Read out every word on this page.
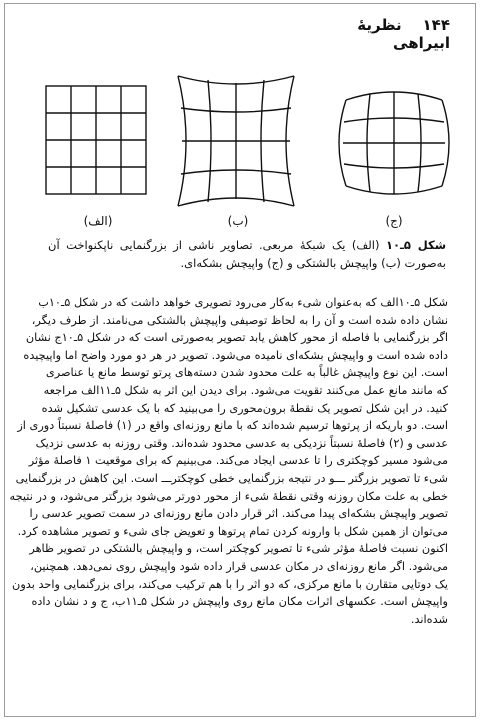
۱۴۴    نظریهٔ ابیراهی
(الف)	(ب)	(ج)
شکل ۵ـ۱۰ (الف) یک شبکهٔ مربعی. تصاویر ناشی از بزرگنمایی ناپکنواخت آن به‌صورت (ب) واپیچش بالشتکی و (ج) واپیچش بشکه‌ای.
شکل ۵ـ۱۰الف که به‌عنوان شیء به‌کار می‌رود تصویری خواهد داشت که در شکل ۵ـ۱۰ب
نشان داده شده است و آن را به لحاظ توصیفی واپیچش بالشتکی می‌نامند. از طرف دیگر،
اگر بزرگنمایی با فاصله از محور کاهش یابد تصویر به‌صورتی است که در شکل ۵ـ۱۰ج نشان
داده شده است و واپیچش بشکه‌ای نامیده می‌شود. تصویر در هر دو مورد واضح اما واپیچیده
است. این نوع واپیچش غالباً به علت محدود شدن دسته‌های پرتو توسط مانع یا عناصری
که مانند مانع عمل می‌کنند تقویت می‌شود. برای دیدن این اثر به شکل ۵ـ۱۱الف مراجعه
کنید. در این شکل تصویر یک نقطهٔ برون‌محوری را می‌بینید که با یک عدسی تشکیل شده
است. دو باریکه از پرتوها ترسیم شده‌اند که با مانع روزنه‌ای واقع در (۱) فاصلهٔ نسبتاً دوری از
عدسی و (۲) فاصلهٔ نسبتاً نزدیکی به عدسی محدود شده‌اند. وقتی روزنه به عدسی نزدیک
می‌شود مسیر کوچکتری را تا عدسی ایجاد می‌کند. می‌بینیم که برای موقعیت ۱ فاصلهٔ مؤثر
شیء تا تصویر بزرگتر ـــو در نتیجه بزرگنمایی خطی کوچکترـــ است. این کاهش در بزرگنمایی
خطی به علت مکان روزنه وقتی نقطهٔ شیء از محور دورتر می‌شود بزرگتر می‌شود، و در نتیجه
تصویر واپیچش بشکه‌ای پیدا می‌کند. اثر قرار دادن مانع روزنه‌ای در سمت تصویر عدسی را
می‌توان از همین شکل با وارونه کردن تمام پرتوها و تعویض جای شیء و تصویر مشاهده کرد.
اکنون نسبت فاصلهٔ مؤثر شیء تا تصویر کوچکتر است، و واپیچش بالشتکی در تصویر ظاهر
می‌شود. اگر مانع روزنه‌ای در مکان عدسی قرار داده شود واپیچش روی نمی‌دهد. همچنین،
یک دوتایی متقارن با مانع مرکزی، که دو اثر را با هم ترکیب می‌کند، برای بزرگنمایی واحد بدون
واپیچش است. عکسهای اثرات مکان مانع روی واپیچش در شکل ۵ـ۱۱ب، ج و د نشان داده
شده‌اند.
